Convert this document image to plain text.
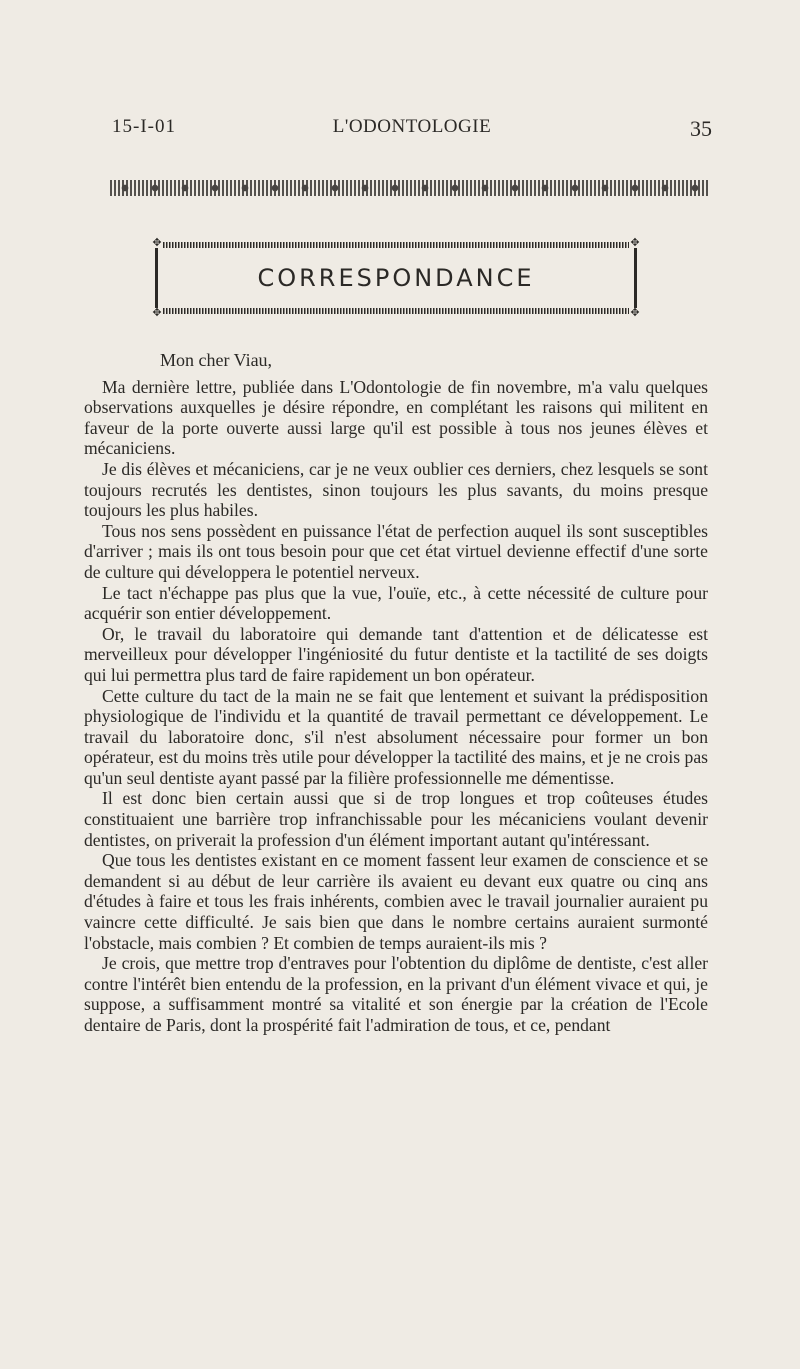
15-I-01	L'ODONTOLOGIE	35
✥	✥
✥	✥
CORRESPONDANCE
Mon cher Viau,

Ma dernière lettre, publiée dans L'Odontologie de fin novembre, m'a valu quelques observations auxquelles je désire répondre, en complétant les raisons qui militent en faveur de la porte ouverte aussi large qu'il est possible à tous nos jeunes élèves et mécaniciens.

Je dis élèves et mécaniciens, car je ne veux oublier ces derniers, chez lesquels se sont toujours recrutés les dentistes, sinon toujours les plus savants, du moins presque toujours les plus habiles.

Tous nos sens possèdent en puissance l'état de perfection auquel ils sont susceptibles d'arriver ; mais ils ont tous besoin pour que cet état virtuel devienne effectif d'une sorte de culture qui développera le potentiel nerveux.

Le tact n'échappe pas plus que la vue, l'ouïe, etc., à cette nécessité de culture pour acquérir son entier développement.

Or, le travail du laboratoire qui demande tant d'attention et de délicatesse est merveilleux pour développer l'ingéniosité du futur dentiste et la tactilité de ses doigts qui lui permettra plus tard de faire rapidement un bon opérateur.

Cette culture du tact de la main ne se fait que lentement et suivant la prédisposition physiologique de l'individu et la quantité de travail permettant ce développement. Le travail du laboratoire donc, s'il n'est absolument nécessaire pour former un bon opérateur, est du moins très utile pour développer la tactilité des mains, et je ne crois pas qu'un seul dentiste ayant passé par la filière professionnelle me démentisse.

Il est donc bien certain aussi que si de trop longues et trop coûteuses études constituaient une barrière trop infranchissable pour les mécaniciens voulant devenir dentistes, on priverait la profession d'un élément important autant qu'intéressant.

Que tous les dentistes existant en ce moment fassent leur examen de conscience et se demandent si au début de leur carrière ils avaient eu devant eux quatre ou cinq ans d'études à faire et tous les frais inhérents, combien avec le travail journalier auraient pu vaincre cette difficulté. Je sais bien que dans le nombre certains auraient surmonté l'obstacle, mais combien ? Et combien de temps auraient-ils mis ?

Je crois, que mettre trop d'entraves pour l'obtention du diplôme de dentiste, c'est aller contre l'intérêt bien entendu de la profession, en la privant d'un élément vivace et qui, je suppose, a suffisamment montré sa vitalité et son énergie par la création de l'Ecole dentaire de Paris, dont la prospérité fait l'admiration de tous, et ce, pendant
